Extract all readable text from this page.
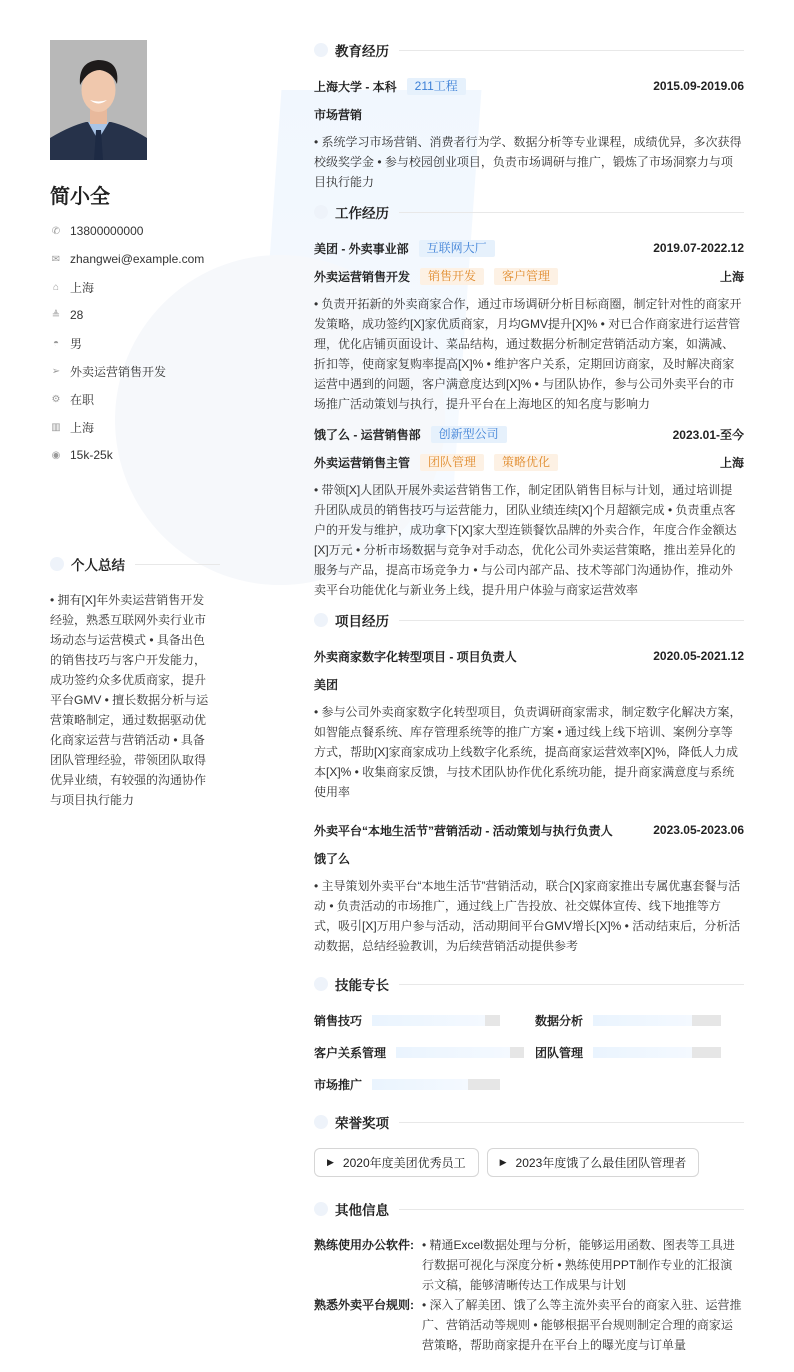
简小全
✆ 13800000000
✉ zhangwei@example.com
⌂ 上海
≜ 28
◓ 男
➢ 外卖运营销售开发
⚙ 在职
▥ 上海
◉ 15k-25k
个人总结
• 拥有[X]年外卖运营销售开发经验，熟悉互联网外卖行业市场动态与运营模式 • 具备出色的销售技巧与客户开发能力，成功签约众多优质商家，提升平台GMV • 擅长数据分析与运营策略制定，通过数据驱动优化商家运营与营销活动 • 具备团队管理经验，带领团队取得优异业绩，有较强的沟通协作与项目执行能力
教育经历
上海大学 - 本科	211工程	2015.09-2019.06
市场营销
• 系统学习市场营销、消费者行为学、数据分析等专业课程，成绩优异，多次获得校级奖学金 • 参与校园创业项目，负责市场调研与推广，锻炼了市场洞察力与项目执行能力
工作经历
美团 - 外卖事业部	互联网大厂	2019.07-2022.12
外卖运营销售开发	销售开发	客户管理	上海
• 负责开拓新的外卖商家合作，通过市场调研分析目标商圈，制定针对性的商家开发策略，成功签约[X]家优质商家，月均GMV提升[X]% • 对已合作商家进行运营管理，优化店铺页面设计、菜品结构，通过数据分析制定营销活动方案，如满减、折扣等，使商家复购率提高[X]% • 维护客户关系，定期回访商家，及时解决商家运营中遇到的问题，客户满意度达到[X]% • 与团队协作，参与公司外卖平台的市场推广活动策划与执行，提升平台在上海地区的知名度与影响力
饿了么 - 运营销售部	创新型公司	2023.01-至今
外卖运营销售主管	团队管理	策略优化	上海
• 带领[X]人团队开展外卖运营销售工作，制定团队销售目标与计划，通过培训提升团队成员的销售技巧与运营能力，团队业绩连续[X]个月超额完成 • 负责重点客户的开发与维护，成功拿下[X]家大型连锁餐饮品牌的外卖合作，年度合作金额达[X]万元 • 分析市场数据与竞争对手动态，优化公司外卖运营策略，推出差异化的服务与产品，提高市场竞争力 • 与公司内部产品、技术等部门沟通协作，推动外卖平台功能优化与新业务上线，提升用户体验与商家运营效率
项目经历
外卖商家数字化转型项目 - 项目负责人	2020.05-2021.12
美团
• 参与公司外卖商家数字化转型项目，负责调研商家需求，制定数字化解决方案，如智能点餐系统、库存管理系统等的推广方案 • 通过线上线下培训、案例分享等方式，帮助[X]家商家成功上线数字化系统，提高商家运营效率[X]%，降低人力成本[X]% • 收集商家反馈，与技术团队协作优化系统功能，提升商家满意度与系统使用率
外卖平台“本地生活节”营销活动 - 活动策划与执行负责人	2023.05-2023.06
饿了么
• 主导策划外卖平台“本地生活节”营销活动，联合[X]家商家推出专属优惠套餐与活动 • 负责活动的市场推广，通过线上广告投放、社交媒体宣传、线下地推等方式，吸引[X]万用户参与活动，活动期间平台GMV增长[X]% • 活动结束后，分析活动数据，总结经验教训，为后续营销活动提供参考
技能专长
销售技巧	数据分析
客户关系管理	团队管理
市场推广
荣誉奖项
▶ 2020年度美团优秀员工	▶ 2023年度饿了么最佳团队管理者
其他信息
熟练使用办公软件: • 精通Excel数据处理与分析，能够运用函数、图表等工具进行数据可视化与深度分析 • 熟练使用PPT制作专业的汇报演示文稿，能够清晰传达工作成果与计划
熟悉外卖平台规则: • 深入了解美团、饿了么等主流外卖平台的商家入驻、运营推广、营销活动等规则 • 能够根据平台规则制定合理的商家运营策略，帮助商家提升在平台上的曝光度与订单量
